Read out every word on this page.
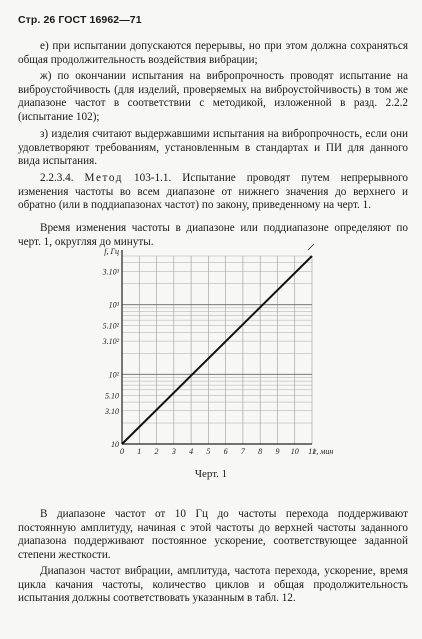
Стр. 26 ГОСТ 16962—71

е) при испытании допускаются перерывы, но при этом должна сохраняться общая продолжительность воздействия вибрации;

ж) по окончании испытания на вибропрочность проводят испытание на виброустойчивость (для изделий, проверяемых на виброустойчивость) в том же диапазоне частот в соответствии с методикой, изложенной в разд. 2.2.2 (испытание 102);

з) изделия считают выдержавшими испытания на вибропрочность, если они удовлетворяют требованиям, установленным в стандартах и ПИ для данного вида испытания.

2.2.3.4. Метод 103-1.1. Испытание проводят путем непрерывного изменения частоты во всем диапазоне от нижнего значения до верхнего и обратно (или в поддиапазонах частот) по закону, приведенному на черт. 1.

Время изменения частоты в диапазоне или поддиапазоне определяют по черт. 1, округляя до минуты.

0 1 2 3 4 5 6 7 8 9 10 11
10
3.10
5.10
10²
3.10²
5.10²
10³
3.10³
f, Гц
t, мин
Черт. 1

В диапазоне частот от 10 Гц до частоты перехода поддерживают постоянную амплитуду, начиная с этой частоты до верхней частоты заданного диапазона поддерживают постоянное ускорение, соответствующее заданной степени жесткости.

Диапазон частот вибрации, амплитуда, частота перехода, ускорение, время цикла качания частоты, количество циклов и общая продолжительность испытания должны соответствовать указанным в табл. 12.
